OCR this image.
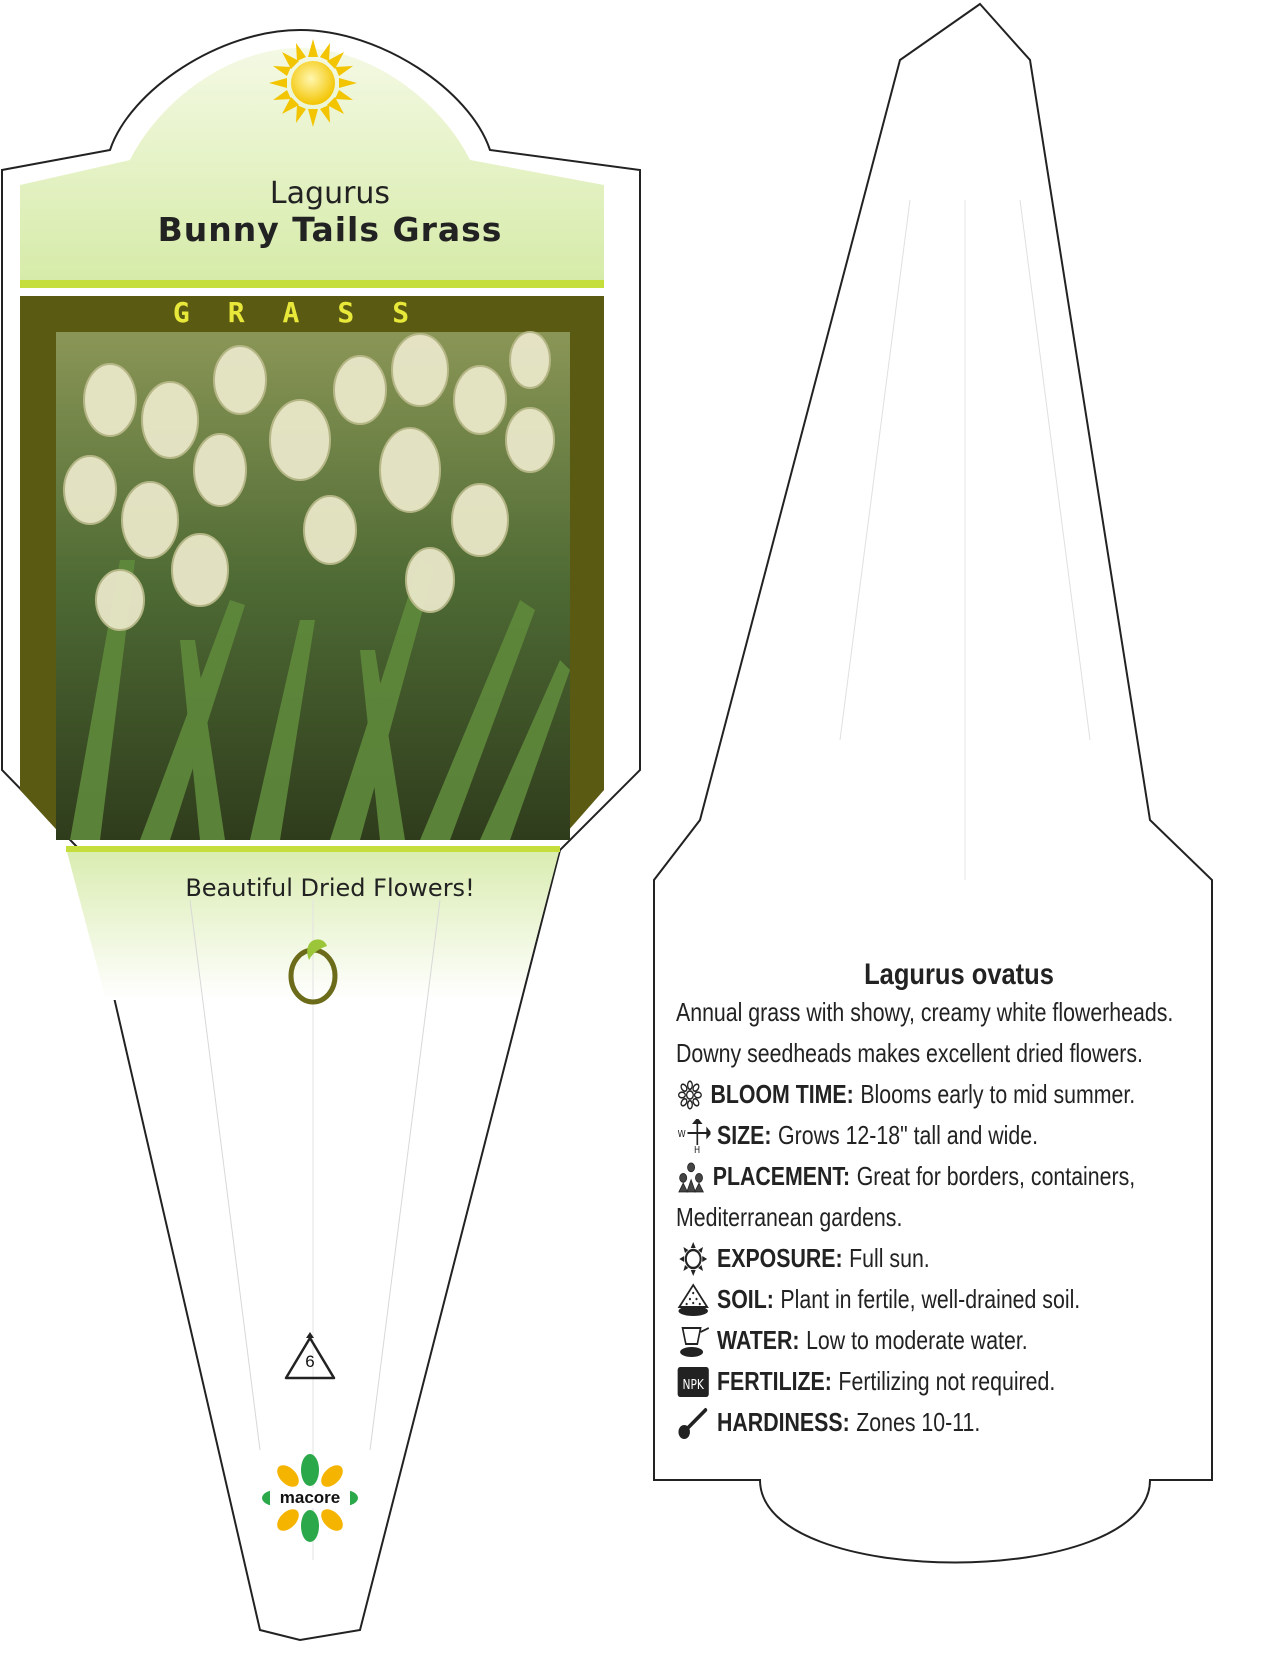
Lagurus
Bunny Tails Grass
GRASS
Beautiful Dried Flowers!
6
macore
Lagurus ovatus
Annual grass with showy, creamy white flowerheads.
Downy seedheads makes excellent dried flowers.
BLOOM TIME: Blooms early to mid summer.
W
H
SIZE: Grows 12-18" tall and wide.
PLACEMENT: Great for borders, containers,
Mediterranean gardens.
EXPOSURE: Full sun.
SOIL: Plant in fertile, well-drained soil.
WATER: Low to moderate water.
NPK FERTILIZE: Fertilizing not required.
HARDINESS: Zones 10-11.
